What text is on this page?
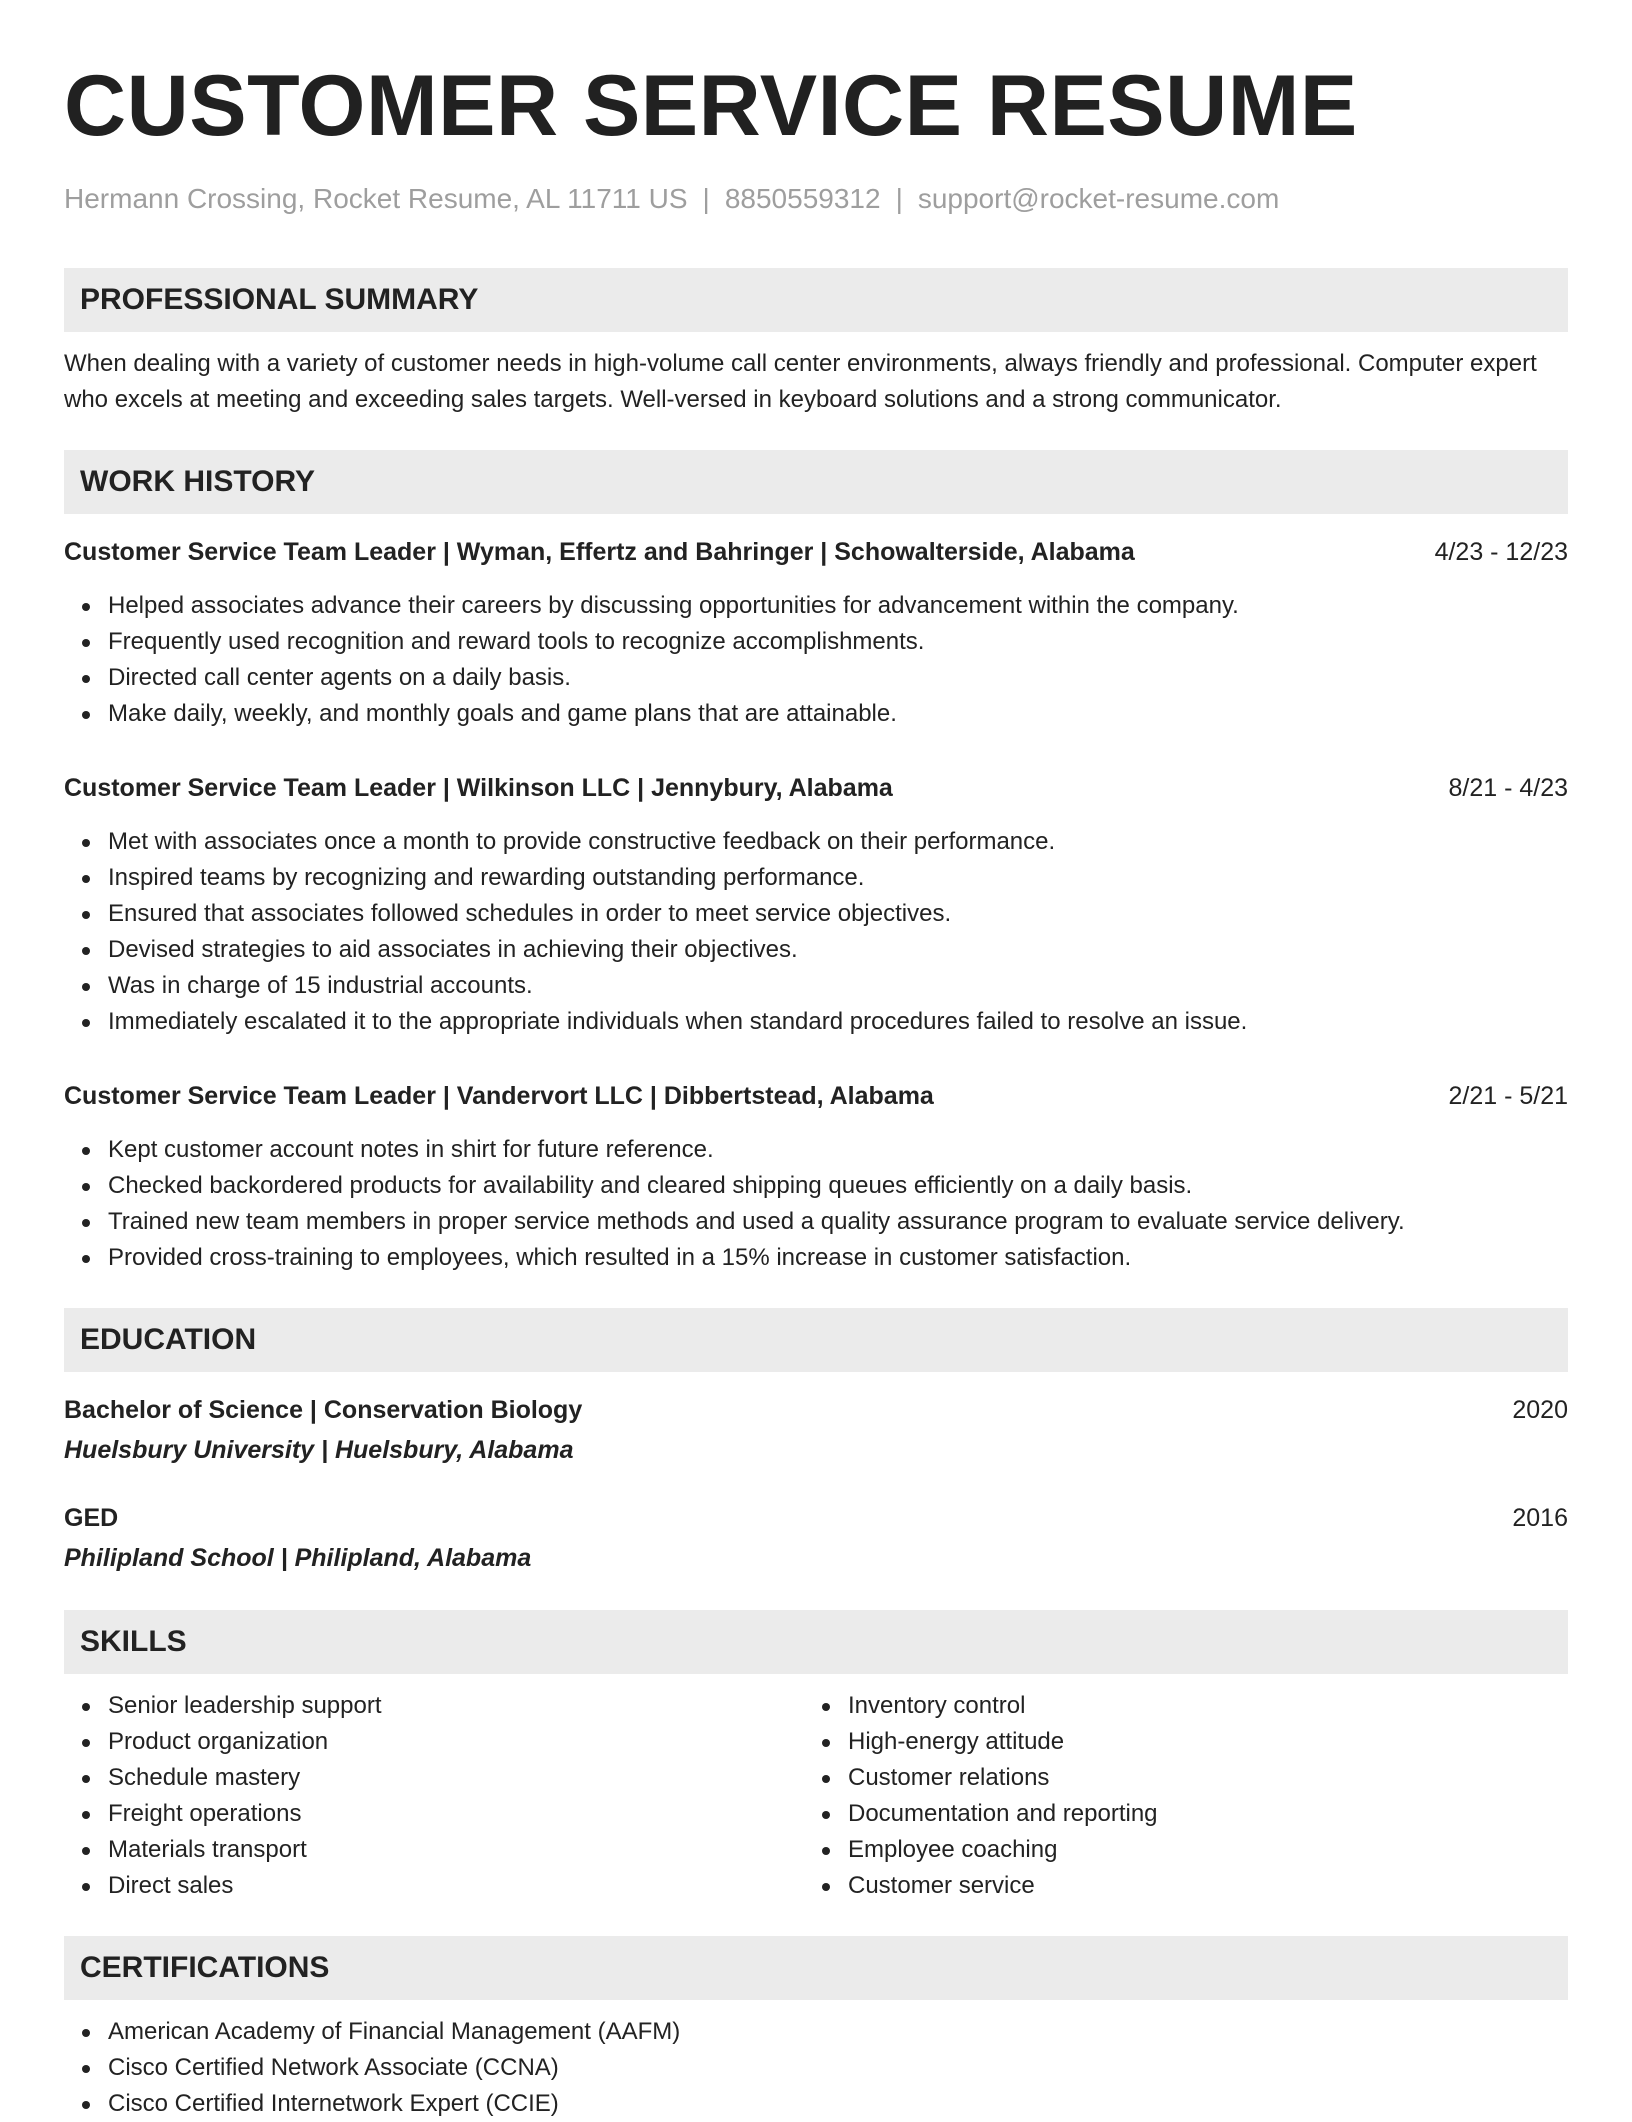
CUSTOMER SERVICE RESUME
Hermann Crossing, Rocket Resume, AL 11711 US | 8850559312 | support@rocket-resume.com
PROFESSIONAL SUMMARY
When dealing with a variety of customer needs in high-volume call center environments, always friendly and professional. Computer expert who excels at meeting and exceeding sales targets. Well-versed in keyboard solutions and a strong communicator.
WORK HISTORY
Customer Service Team Leader | Wyman, Effertz and Bahringer | Schowalterside, Alabama	4/23 - 12/23
Helped associates advance their careers by discussing opportunities for advancement within the company.
Frequently used recognition and reward tools to recognize accomplishments.
Directed call center agents on a daily basis.
Make daily, weekly, and monthly goals and game plans that are attainable.
Customer Service Team Leader | Wilkinson LLC | Jennybury, Alabama	8/21 - 4/23
Met with associates once a month to provide constructive feedback on their performance.
Inspired teams by recognizing and rewarding outstanding performance.
Ensured that associates followed schedules in order to meet service objectives.
Devised strategies to aid associates in achieving their objectives.
Was in charge of 15 industrial accounts.
Immediately escalated it to the appropriate individuals when standard procedures failed to resolve an issue.
Customer Service Team Leader | Vandervort LLC | Dibbertstead, Alabama	2/21 - 5/21
Kept customer account notes in shirt for future reference.
Checked backordered products for availability and cleared shipping queues efficiently on a daily basis.
Trained new team members in proper service methods and used a quality assurance program to evaluate service delivery.
Provided cross-training to employees, which resulted in a 15% increase in customer satisfaction.
EDUCATION
Bachelor of Science | Conservation Biology	2020
Huelsbury University | Huelsbury, Alabama
GED	2016
Philipland School | Philipland, Alabama
SKILLS
Senior leadership support
Product organization
Schedule mastery
Freight operations
Materials transport
Direct sales
Inventory control
High-energy attitude
Customer relations
Documentation and reporting
Employee coaching
Customer service
CERTIFICATIONS
American Academy of Financial Management (AAFM)
Cisco Certified Network Associate (CCNA)
Cisco Certified Internetwork Expert (CCIE)
